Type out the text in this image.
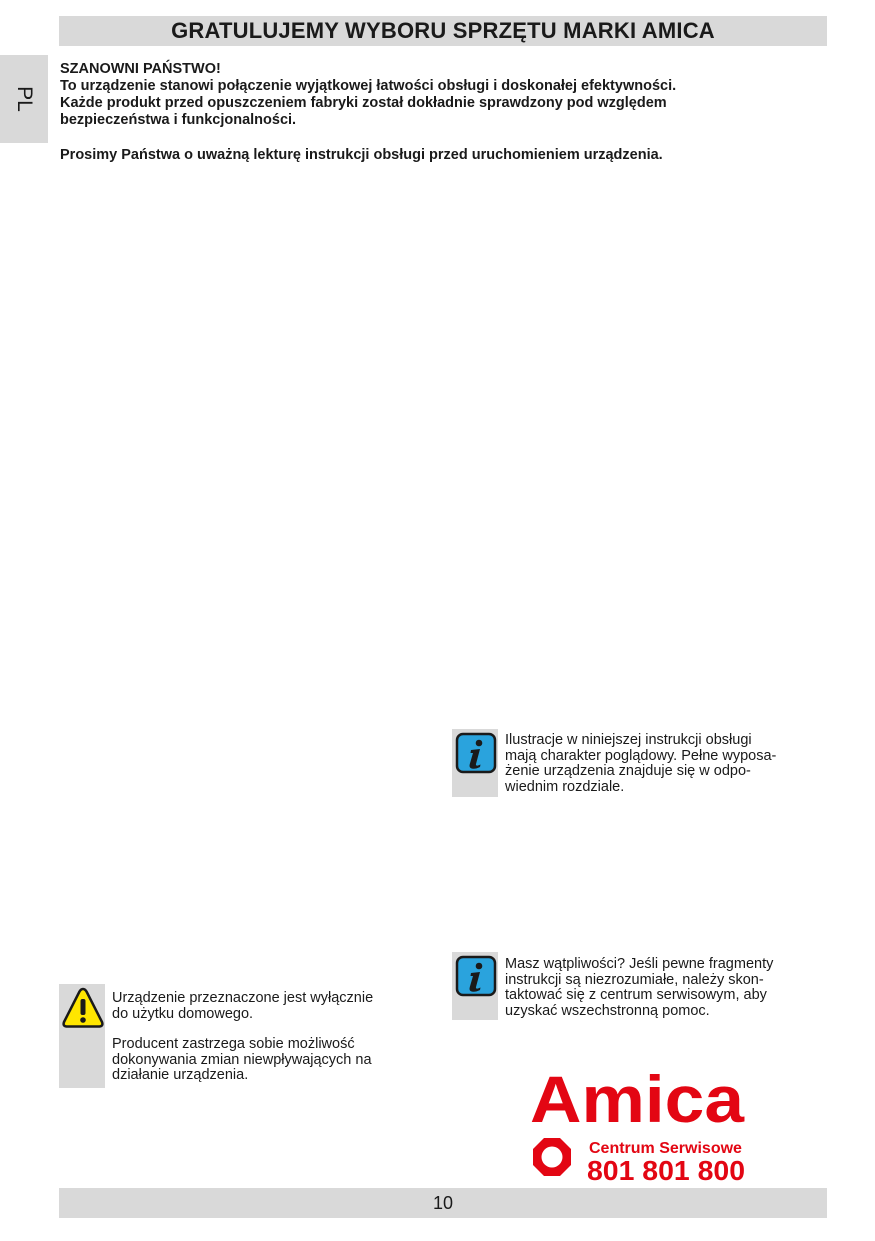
GRATULUJEMY WYBORU SPRZĘTU MARKI AMICA
PL

SZANOWNI PAŃSTWO!

To urządzenie stanowi połączenie wyjątkowej łatwości obsługi i doskonałej efektywności.

Każde produkt przed opuszczeniem fabryki został dokładnie sprawdzony pod względem

bezpieczeństwa i funkcjonalności.

Prosimy Państwa o uważną lekturę instrukcji obsługi przed uruchomieniem urządzenia.

Ilustracje w niniejszej instrukcji obsługi
mają charakter poglądowy. Pełne wyposa-
żenie urządzenia znajduje się w odpo-
wiednim rozdziale.

Masz wątpliwości? Jeśli pewne fragmenty
instrukcji są niezrozumiałe, należy skon-
taktować się z centrum serwisowym, aby
uzyskać wszechstronną pomoc.

Urządzenie przeznaczone jest wyłącznie
do użytku domowego.

Producent zastrzega sobie możliwość
dokonywania zmian niewpływających na
działanie urządzenia.	Amica
Centrum Serwisowe
801 801 800
10
